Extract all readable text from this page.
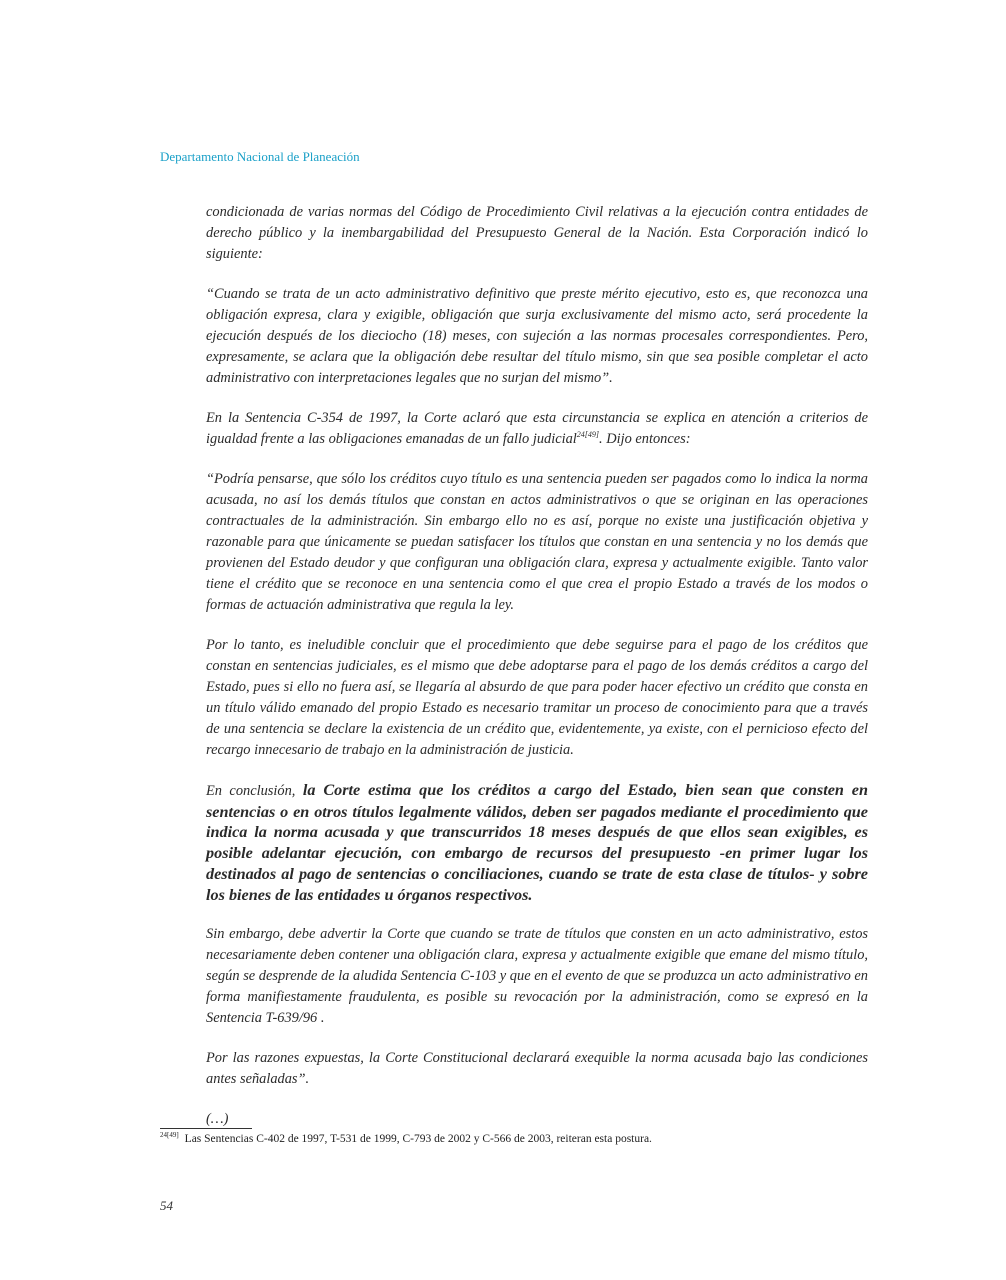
Departamento Nacional de Planeación

condicionada de varias normas del Código de Procedimiento Civil relativas a la ejecución contra entidades de derecho público y la inembargabilidad del Presupuesto General de la Nación. Esta Corporación indicó lo siguiente:

“Cuando se trata de un acto administrativo definitivo que preste mérito ejecutivo, esto es, que reconozca una obligación expresa, clara y exigible, obligación que surja exclusivamente del mismo acto, será procedente la ejecución después de los dieciocho (18) meses, con sujeción a las normas procesales correspondientes. Pero, expresamente, se aclara que la obligación debe resultar del título mismo, sin que sea posible completar el acto administrativo con interpretaciones legales que no surjan del mismo”.

En la Sentencia C-354 de 1997, la Corte aclaró que esta circunstancia se explica en atención a criterios de igualdad frente a las obligaciones emanadas de un fallo judicial$^{24[49]}$. Dijo entonces:

“Podría pensarse, que sólo los créditos cuyo título es una sentencia pueden ser pagados como lo indica la norma acusada, no así los demás títulos que constan en actos administrativos o que se originan en las operaciones contractuales de la administración. Sin embargo ello no es así, porque no existe una justificación objetiva y razonable para que únicamente se puedan satisfacer los títulos que constan en una sentencia y no los demás que provienen del Estado deudor y que configuran una obligación clara, expresa y actualmente exigible. Tanto valor tiene el crédito que se reconoce en una sentencia como el que crea el propio Estado a través de los modos o formas de actuación administrativa que regula la ley.

Por lo tanto, es ineludible concluir que el procedimiento que debe seguirse para el pago de los créditos que constan en sentencias judiciales, es el mismo que debe adoptarse para el pago de los demás créditos a cargo del Estado, pues si ello no fuera así, se llegaría al absurdo de que para poder hacer efectivo un crédito que consta en un título válido emanado del propio Estado es necesario tramitar un proceso de conocimiento para que a través de una sentencia se declare la existencia de un crédito que, evidentemente, ya existe, con el pernicioso efecto del recargo innecesario de trabajo en la administración de justicia.

En conclusión, la Corte estima que los créditos a cargo del Estado, bien sean que consten en sentencias o en otros títulos legalmente válidos, deben ser pagados mediante el procedimiento que indica la norma acusada y que transcurridos 18 meses después de que ellos sean exigibles, es posible adelantar ejecución, con embargo de recursos del presupuesto -en primer lugar los destinados al pago de sentencias o conciliaciones, cuando se trate de esta clase de títulos- y sobre los bienes de las entidades u órganos respectivos.

Sin embargo, debe advertir la Corte que cuando se trate de títulos que consten en un acto administrativo, estos necesariamente deben contener una obligación clara, expresa y actualmente exigible que emane del mismo título, según se desprende de la aludida Sentencia C-103 y que en el evento de que se produzca un acto administrativo en forma manifiestamente fraudulenta, es posible su revocación por la administración, como se expresó en la Sentencia T-639/96 .

Por las razones expuestas, la Corte Constitucional declarará exequible la norma acusada bajo las condiciones antes señaladas”.

(…)

$^{24[49]}$ Las Sentencias C-402 de 1997, T-531 de 1999, C-793 de 2002 y C-566 de 2003, reiteran esta postura.
54
